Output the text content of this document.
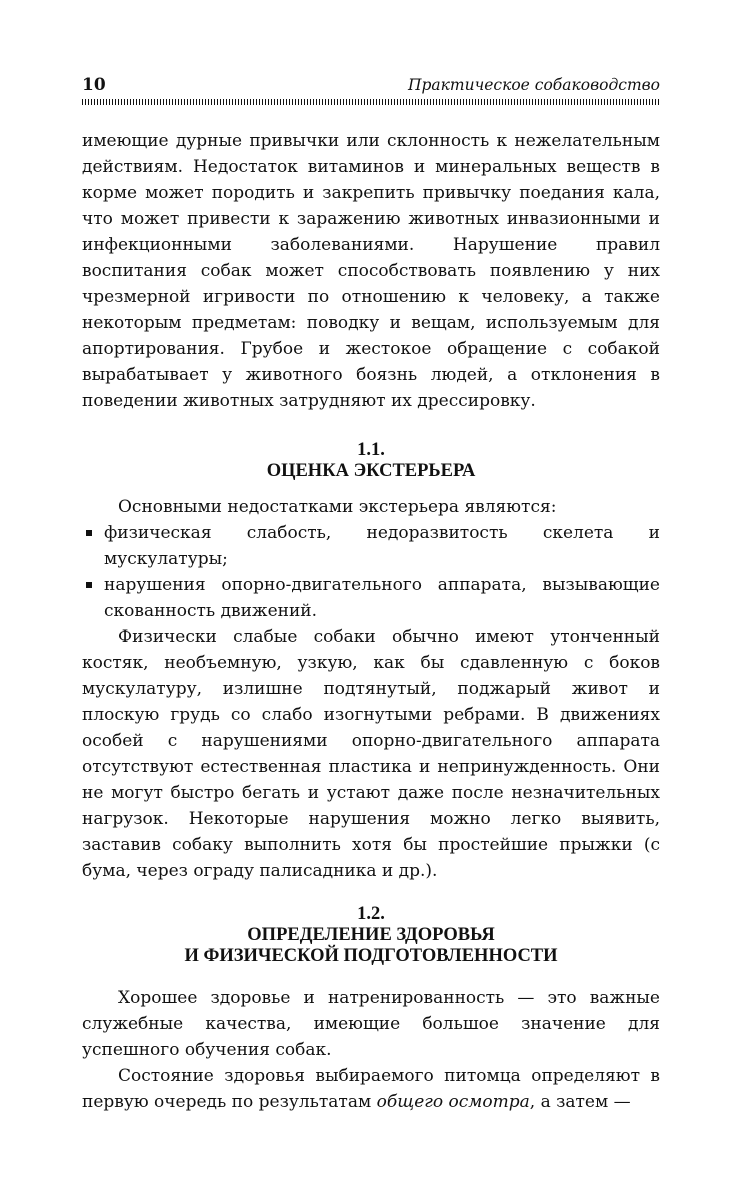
10	Практическое собаководство

имеющие дурные привычки или склонность к нежелательным действиям. Недостаток витаминов и минеральных веществ в корме может породить и закрепить привычку поедания кала, что может привести к заражению животных инвазионными и инфекционными заболеваниями. Нарушение правил воспитания собак может способствовать появлению у них чрезмерной игривости по отношению к человеку, а также некоторым предметам: поводку и вещам, используемым для апортирования. Грубое и жестокое обращение с собакой вырабатывает у животного боязнь людей, а отклонения в поведении животных затрудняют их дрессировку.

1.1.
ОЦЕНКА ЭКСТЕРЬЕРА

Основными недостатками экстерьера являются:

физическая слабость, недоразвитость скелета и мускулатуры;
нарушения опорно-двигательного аппарата, вызывающие скованность движений.

Физически слабые собаки обычно имеют утонченный костяк, необъемную, узкую, как бы сдавленную с боков мускулатуру, излишне подтянутый, поджарый живот и плоскую грудь со слабо изогнутыми ребрами. В движениях особей с нарушениями опорно-двигательного аппарата отсутствуют естественная пластика и непринужденность. Они не могут быстро бегать и устают даже после незначительных нагрузок. Некоторые нарушения можно легко выявить, заставив собаку выполнить хотя бы простейшие прыжки (с бума, через ограду палисадника и др.).

1.2.
ОПРЕДЕЛЕНИЕ ЗДОРОВЬЯ
И ФИЗИЧЕСКОЙ ПОДГОТОВЛЕННОСТИ

Хорошее здоровье и натренированность — это важные служебные качества, имеющие большое значение для успешного обучения собак.

Состояние здоровья выбираемого питомца определяют в первую очередь по результатам общего осмотра, а затем —
